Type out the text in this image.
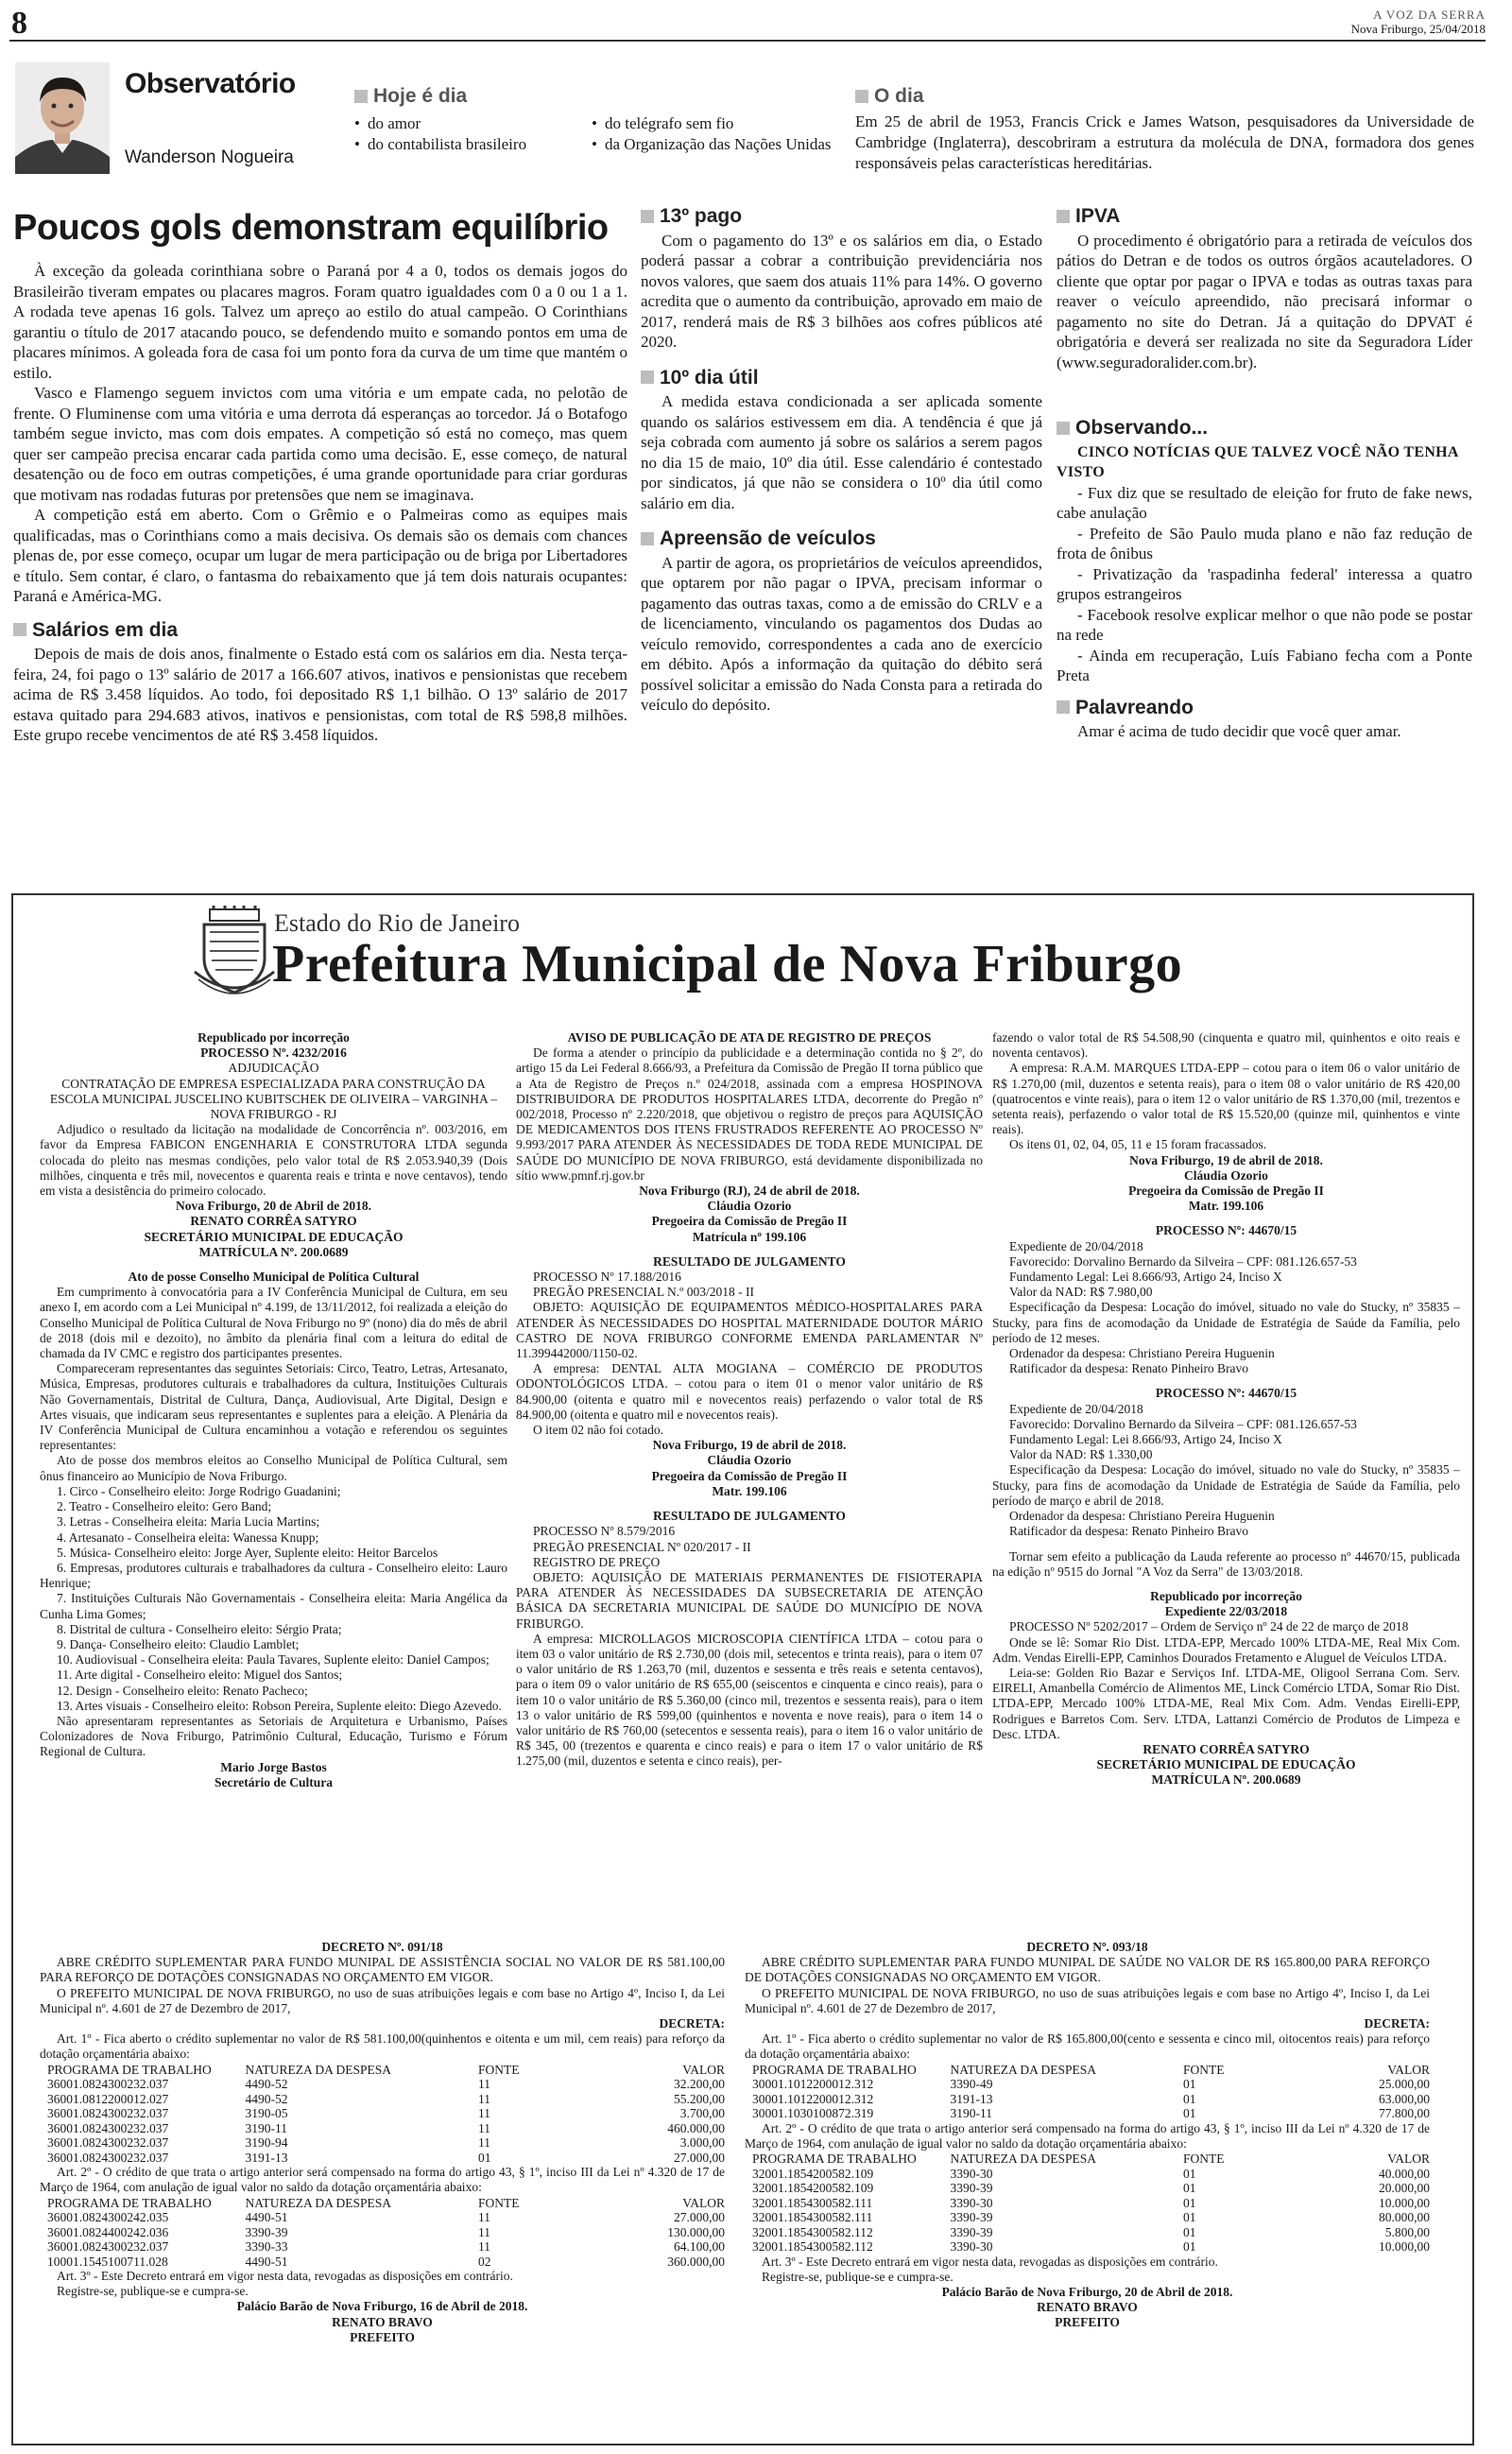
8	A VOZ DA SERRA
Nova Friburgo, 25/04/2018
Observatório
Wanderson Nogueira
Hoje é dia
• do amor	• do telégrafo sem fio
• do contabilista brasileiro	• da Organização das Nações Unidas
O dia

Em 25 de abril de 1953, Francis Crick e James Watson, pesquisadores da Universidade de Cambridge (Inglaterra), descobriram a estrutura da molécula de DNA, formadora dos genes responsáveis pelas características hereditárias.

Poucos gols demonstram equilíbrio

À exceção da goleada corinthiana sobre o Paraná por 4 a 0, todos os demais jogos do Brasileirão tiveram empates ou placares magros. Foram quatro igualdades com 0 a 0 ou 1 a 1. A rodada teve apenas 16 gols. Talvez um apreço ao estilo do atual campeão. O Corinthians garantiu o título de 2017 atacando pouco, se defendendo muito e somando pontos em uma de placares mínimos. A goleada fora de casa foi um ponto fora da curva de um time que mantém o estilo.

Vasco e Flamengo seguem invictos com uma vitória e um empate cada, no pelotão de frente. O Fluminense com uma vitória e uma derrota dá esperanças ao torcedor. Já o Botafogo também segue invicto, mas com dois empates. A competição só está no começo, mas quem quer ser campeão precisa encarar cada partida como uma decisão. E, esse começo, de natural desatenção ou de foco em outras competições, é uma grande oportunidade para criar gorduras que motivam nas rodadas futuras por pretensões que nem se imaginava.

A competição está em aberto. Com o Grêmio e o Palmeiras como as equipes mais qualificadas, mas o Corinthians como a mais decisiva. Os demais são os demais com chances plenas de, por esse começo, ocupar um lugar de mera participação ou de briga por Libertadores e título. Sem contar, é claro, o fantasma do rebaixamento que já tem dois naturais ocupantes: Paraná e América-MG.

Salários em dia

Depois de mais de dois anos, finalmente o Estado está com os salários em dia. Nesta terça-feira, 24, foi pago o 13º salário de 2017 a 166.607 ativos, inativos e pensionistas que recebem acima de R$ 3.458 líquidos. Ao todo, foi depositado R$ 1,1 bilhão. O 13º salário de 2017 estava quitado para 294.683 ativos, inativos e pensionistas, com total de R$ 598,8 milhões. Este grupo recebe vencimentos de até R$ 3.458 líquidos.

13º pago

Com o pagamento do 13º e os salários em dia, o Estado poderá passar a cobrar a contribuição previdenciária nos novos valores, que saem dos atuais 11% para 14%. O governo acredita que o aumento da contribuição, aprovado em maio de 2017, renderá mais de R$ 3 bilhões aos cofres públicos até 2020.

10º dia útil

A medida estava condicionada a ser aplicada somente quando os salários estivessem em dia. A tendência é que já seja cobrada com aumento já sobre os salários a serem pagos no dia 15 de maio, 10º dia útil. Esse calendário é contestado por sindicatos, já que não se considera o 10º dia útil como salário em dia.

Apreensão de veículos

A partir de agora, os proprietários de veículos apreendidos, que optarem por não pagar o IPVA, precisam informar o pagamento das outras taxas, como a de emissão do CRLV e a de licenciamento, vinculando os pagamentos dos Dudas ao veículo removido, correspondentes a cada ano de exercício em débito. Após a informação da quitação do débito será possível solicitar a emissão do Nada Consta para a retirada do veículo do depósito.

IPVA

O procedimento é obrigatório para a retirada de veículos dos pátios do Detran e de todos os outros órgãos acauteladores. O cliente que optar por pagar o IPVA e todas as outras taxas para reaver o veículo apreendido, não precisará informar o pagamento no site do Detran. Já a quitação do DPVAT é obrigatória e deverá ser realizada no site da Seguradora Líder (www.seguradoralider.com.br).

Observando...

CINCO NOTÍCIAS QUE TALVEZ VOCÊ NÃO TENHA VISTO

- Fux diz que se resultado de eleição for fruto de fake news, cabe anulação

- Prefeito de São Paulo muda plano e não faz redução de frota de ônibus

- Privatização da 'raspadinha federal' interessa a quatro grupos estrangeiros

- Facebook resolve explicar melhor o que não pode se postar na rede

- Ainda em recuperação, Luís Fabiano fecha com a Ponte Preta

Palavreando

Amar é acima de tudo decidir que você quer amar.

Estado do Rio de Janeiro
Prefeitura Municipal de Nova Friburgo

Republicado por incorreção

PROCESSO Nº. 4232/2016

ADJUDICAÇÃO

CONTRATAÇÃO DE EMPRESA ESPECIALIZADA PARA CONSTRUÇÃO DA ESCOLA MUNICIPAL JUSCELINO KUBITSCHEK DE OLIVEIRA – VARGINHA – NOVA FRIBURGO - RJ

Adjudico o resultado da licitação na modalidade de Concorrência nº. 003/2016, em favor da Empresa FABICON ENGENHARIA E CONSTRUTORA LTDA segunda colocada do pleito nas mesmas condições, pelo valor total de R$ 2.053.940,39 (Dois milhões, cinquenta e três mil, novecentos e quarenta reais e trinta e nove centavos), tendo em vista a desistência do primeiro colocado.

Nova Friburgo, 20 de Abril de 2018.

RENATO CORRÊA SATYRO

SECRETÁRIO MUNICIPAL DE EDUCAÇÃO

MATRÍCULA Nº. 200.0689

Ato de posse Conselho Municipal de Política Cultural

Em cumprimento à convocatória para a IV Conferência Municipal de Cultura, em seu anexo I, em acordo com a Lei Municipal nº 4.199, de 13/11/2012, foi realizada a eleição do Conselho Municipal de Política Cultural de Nova Friburgo no 9º (nono) dia do mês de abril de 2018 (dois mil e dezoito), no âmbito da plenária final com a leitura do edital de chamada da IV CMC e registro dos participantes presentes.

Compareceram representantes das seguintes Setoriais: Circo, Teatro, Letras, Artesanato, Música, Empresas, produtores culturais e trabalhadores da cultura, Instituições Culturais Não Governamentais, Distrital de Cultura, Dança, Audiovisual, Arte Digital, Design e Artes visuais, que indicaram seus representantes e suplentes para a eleição. A Plenária da IV Conferência Municipal de Cultura encaminhou a votação e referendou os seguintes representantes:

Ato de posse dos membros eleitos ao Conselho Municipal de Política Cultural, sem ônus financeiro ao Município de Nova Friburgo.

1. Circo - Conselheiro eleito: Jorge Rodrigo Guadanini;

2. Teatro - Conselheiro eleito: Gero Band;

3. Letras - Conselheira eleita: Maria Lucia Martins;

4. Artesanato - Conselheira eleita: Wanessa Knupp;

5. Música- Conselheiro eleito: Jorge Ayer, Suplente eleito: Heitor Barcelos

6. Empresas, produtores culturais e trabalhadores da cultura - Conselheiro eleito: Lauro Henrique;

7. Instituições Culturais Não Governamentais - Conselheira eleita: Maria Angélica da Cunha Lima Gomes;

8. Distrital de cultura - Conselheiro eleito: Sérgio Prata;

9. Dança- Conselheiro eleito: Claudio Lamblet;

10. Audiovisual - Conselheira eleita: Paula Tavares, Suplente eleito: Daniel Campos;

11. Arte digital - Conselheiro eleito: Miguel dos Santos;

12. Design - Conselheiro eleito: Renato Pacheco;

13. Artes visuais - Conselheiro eleito: Robson Pereira, Suplente eleito: Diego Azevedo.

Não apresentaram representantes as Setoriais de Arquitetura e Urbanismo, Países Colonizadores de Nova Friburgo, Patrimônio Cultural, Educação, Turismo e Fórum Regional de Cultura.

Mario Jorge Bastos

Secretário de Cultura

AVISO DE PUBLICAÇÃO DE ATA DE REGISTRO DE PREÇOS

De forma a atender o princípio da publicidade e a determinação contida no § 2º, do artigo 15 da Lei Federal 8.666/93, a Prefeitura da Comissão de Pregão II torna público que a Ata de Registro de Preços n.º 024/2018, assinada com a empresa HOSPINOVA DISTRIBUIDORA DE PRODUTOS HOSPITALARES LTDA, decorrente do Pregão nº 002/2018, Processo nº 2.220/2018, que objetivou o registro de preços para AQUISIÇÃO DE MEDICAMENTOS DOS ITENS FRUSTRADOS REFERENTE AO PROCESSO Nº 9.993/2017 PARA ATENDER ÀS NECESSIDADES DE TODA REDE MUNICIPAL DE SAÚDE DO MUNICÍPIO DE NOVA FRIBURGO, está devidamente disponibilizada no sítio www.pmnf.rj.gov.br

Nova Friburgo (RJ), 24 de abril de 2018.

Cláudia Ozorio

Pregoeira da Comissão de Pregão II

Matrícula nº 199.106

RESULTADO DE JULGAMENTO

PROCESSO Nº 17.188/2016

PREGÃO PRESENCIAL N.º 003/2018 - II

OBJETO: AQUISIÇÃO DE EQUIPAMENTOS MÉDICO-HOSPITALARES PARA ATENDER ÀS NECESSIDADES DO HOSPITAL MATERNIDADE DOUTOR MÁRIO CASTRO DE NOVA FRIBURGO CONFORME EMENDA PARLAMENTAR Nº 11.399442000/1150-02.

A empresa: DENTAL ALTA MOGIANA – COMÉRCIO DE PRODUTOS ODONTOLÓGICOS LTDA. – cotou para o item 01 o menor valor unitário de R$ 84.900,00 (oitenta e quatro mil e novecentos reais) perfazendo o valor total de R$ 84.900,00 (oitenta e quatro mil e novecentos reais).

O item 02 não foi cotado.

Nova Friburgo, 19 de abril de 2018.

Cláudia Ozorio

Pregoeira da Comissão de Pregão II

Matr. 199.106

RESULTADO DE JULGAMENTO

PROCESSO Nº 8.579/2016

PREGÃO PRESENCIAL Nº 020/2017 - II

REGISTRO DE PREÇO

OBJETO: AQUISIÇÃO DE MATERIAIS PERMANENTES DE FISIOTERAPIA PARA ATENDER ÀS NECESSIDADES DA SUBSECRETARIA DE ATENÇÃO BÁSICA DA SECRETARIA MUNICIPAL DE SAÚDE DO MUNICÍPIO DE NOVA FRIBURGO.

A empresa: MICROLLAGOS MICROSCOPIA CIENTÍFICA LTDA – cotou para o item 03 o valor unitário de R$ 2.730,00 (dois mil, setecentos e trinta reais), para o item 07 o valor unitário de R$ 1.263,70 (mil, duzentos e sessenta e três reais e setenta centavos), para o item 09 o valor unitário de R$ 655,00 (seiscentos e cinquenta e cinco reais), para o item 10 o valor unitário de R$ 5.360,00 (cinco mil, trezentos e sessenta reais), para o item 13 o valor unitário de R$ 599,00 (quinhentos e noventa e nove reais), para o item 14 o valor unitário de R$ 760,00 (setecentos e sessenta reais), para o item 16 o valor unitário de R$ 345, 00 (trezentos e quarenta e cinco reais) e para o item 17 o valor unitário de R$ 1.275,00 (mil, duzentos e setenta e cinco reais), per-

fazendo o valor total de R$ 54.508,90 (cinquenta e quatro mil, quinhentos e oito reais e noventa centavos).

A empresa: R.A.M. MARQUES LTDA-EPP – cotou para o item 06 o valor unitário de R$ 1.270,00 (mil, duzentos e setenta reais), para o item 08 o valor unitário de R$ 420,00 (quatrocentos e vinte reais), para o item 12 o valor unitário de R$ 1.370,00 (mil, trezentos e setenta reais), perfazendo o valor total de R$ 15.520,00 (quinze mil, quinhentos e vinte reais).

Os itens 01, 02, 04, 05, 11 e 15 foram fracassados.

Nova Friburgo, 19 de abril de 2018.

Cláudia Ozorio

Pregoeira da Comissão de Pregão II

Matr. 199.106

PROCESSO Nº: 44670/15

Expediente de 20/04/2018

Favorecido: Dorvalino Bernardo da Silveira – CPF: 081.126.657-53

Fundamento Legal: Lei 8.666/93, Artigo 24, Inciso X

Valor da NAD: R$ 7.980,00

Especificação da Despesa: Locação do imóvel, situado no vale do Stucky, nº 35835 – Stucky, para fins de acomodação da Unidade de Estratégia de Saúde da Família, pelo período de 12 meses.

Ordenador da despesa: Christiano Pereira Huguenin

Ratificador da despesa: Renato Pinheiro Bravo

PROCESSO Nº: 44670/15

Expediente de 20/04/2018

Favorecido: Dorvalino Bernardo da Silveira – CPF: 081.126.657-53

Fundamento Legal: Lei 8.666/93, Artigo 24, Inciso X

Valor da NAD: R$ 1.330,00

Especificação da Despesa: Locação do imóvel, situado no vale do Stucky, nº 35835 – Stucky, para fins de acomodação da Unidade de Estratégia de Saúde da Família, pelo período de março e abril de 2018.

Ordenador da despesa: Christiano Pereira Huguenin

Ratificador da despesa: Renato Pinheiro Bravo

Tornar sem efeito a publicação da Lauda referente ao processo nº 44670/15, publicada na edição nº 9515 do Jornal "A Voz da Serra" de 13/03/2018.

Republicado por incorreção

Expediente 22/03/2018

PROCESSO Nº 5202/2017 – Ordem de Serviço nº 24 de 22 de março de 2018

Onde se lê: Somar Rio Dist. LTDA-EPP, Mercado 100% LTDA-ME, Real Mix Com. Adm. Vendas Eirelli-EPP, Caminhos Dourados Fretamento e Aluguel de Veículos LTDA.

Leia-se: Golden Rio Bazar e Serviços Inf. LTDA-ME, Oligool Serrana Com. Serv. EIRELI, Amanbella Comércio de Alimentos ME, Linck Comércio LTDA, Somar Rio Dist. LTDA-EPP, Mercado 100% LTDA-ME, Real Mix Com. Adm. Vendas Eirelli-EPP, Rodrigues e Barretos Com. Serv. LTDA, Lattanzi Comércio de Produtos de Limpeza e Desc. LTDA.

RENATO CORRÊA SATYRO

SECRETÁRIO MUNICIPAL DE EDUCAÇÃO

MATRÍCULA Nº. 200.0689

DECRETO Nº. 091/18

ABRE CRÉDITO SUPLEMENTAR PARA FUNDO MUNIPAL DE ASSISTÊNCIA SOCIAL NO VALOR DE R$ 581.100,00 PARA REFORÇO DE DOTAÇÕES CONSIGNADAS NO ORÇAMENTO EM VIGOR.

O PREFEITO MUNICIPAL DE NOVA FRIBURGO, no uso de suas atribuições legais e com base no Artigo 4º, Inciso I, da Lei Municipal nº. 4.601 de 27 de Dezembro de 2017,

DECRETA:

Art. 1º - Fica aberto o crédito suplementar no valor de R$ 581.100,00(quinhentos e oitenta e um mil, cem reais) para reforço da dotação orçamentária abaixo:

PROGRAMA DE TRABALHO	NATUREZA DA DESPESA	FONTE	VALOR
36001.0824300232.037	4490-52	11	32.200,00
36001.0812200012.027	4490-52	11	55.200,00
36001.0824300232.037	3190-05	11	3.700,00
36001.0824300232.037	3190-11	11	460.000,00
36001.0824300232.037	3190-94	11	3.000,00
36001.0824300232.037	3191-13	01	27.000,00

Art. 2º - O crédito de que trata o artigo anterior será compensado na forma do artigo 43, § 1º, inciso III da Lei nº 4.320 de 17 de Março de 1964, com anulação de igual valor no saldo da dotação orçamentária abaixo:

PROGRAMA DE TRABALHO	NATUREZA DA DESPESA	FONTE	VALOR
36001.0824300242.035	4490-51	11	27.000,00
36001.0824400242.036	3390-39	11	130.000,00
36001.0824300232.037	3390-33	11	64.100,00
10001.1545100711.028	4490-51	02	360.000,00

Art. 3º - Este Decreto entrará em vigor nesta data, revogadas as disposições em contrário.

Registre-se, publique-se e cumpra-se.

Palácio Barão de Nova Friburgo, 16 de Abril de 2018.

RENATO BRAVO

PREFEITO

DECRETO Nº. 093/18

ABRE CRÉDITO SUPLEMENTAR PARA FUNDO MUNIPAL DE SAÚDE NO VALOR DE R$ 165.800,00 PARA REFORÇO DE DOTAÇÕES CONSIGNADAS NO ORÇAMENTO EM VIGOR.

O PREFEITO MUNICIPAL DE NOVA FRIBURGO, no uso de suas atribuições legais e com base no Artigo 4º, Inciso I, da Lei Municipal nº. 4.601 de 27 de Dezembro de 2017,

DECRETA:

Art. 1º - Fica aberto o crédito suplementar no valor de R$ 165.800,00(cento e sessenta e cinco mil, oitocentos reais) para reforço da dotação orçamentária abaixo:

PROGRAMA DE TRABALHO	NATUREZA DA DESPESA	FONTE	VALOR
30001.1012200012.312	3390-49	01	25.000,00
30001.1012200012.312	3191-13	01	63.000,00
30001.1030100872.319	3190-11	01	77.800,00

Art. 2º - O crédito de que trata o artigo anterior será compensado na forma do artigo 43, § 1º, inciso III da Lei nº 4.320 de 17 de Março de 1964, com anulação de igual valor no saldo da dotação orçamentária abaixo:

PROGRAMA DE TRABALHO	NATUREZA DA DESPESA	FONTE	VALOR
32001.1854200582.109	3390-30	01	40.000,00
32001.1854200582.109	3390-39	01	20.000,00
32001.1854300582.111	3390-30	01	10.000,00
32001.1854300582.111	3390-39	01	80.000,00
32001.1854300582.112	3390-39	01	5.800,00
32001.1854300582.112	3390-30	01	10.000,00

Art. 3º - Este Decreto entrará em vigor nesta data, revogadas as disposições em contrário.

Registre-se, publique-se e cumpra-se.

Palácio Barão de Nova Friburgo, 20 de Abril de 2018.

RENATO BRAVO

PREFEITO
